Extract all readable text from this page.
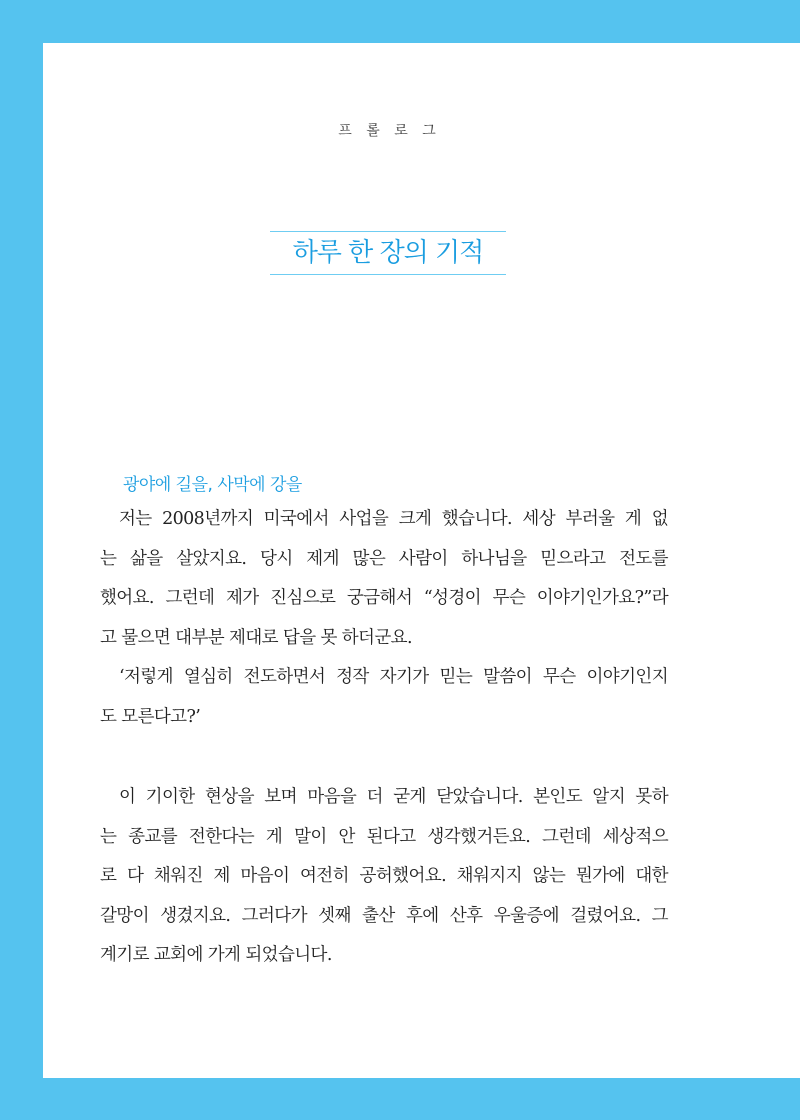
프 롤 로 그
하루 한 장의 기적
광야에 길을, 사막에 강을
저는 2008년까지 미국에서 사업을 크게 했습니다. 세상 부러울 게 없
는 삶을 살았지요. 당시 제게 많은 사람이 하나님을 믿으라고 전도를
했어요. 그런데 제가 진심으로 궁금해서 “성경이 무슨 이야기인가요?”라
고 물으면 대부분 제대로 답을 못 하더군요.
‘저렇게 열심히 전도하면서 정작 자기가 믿는 말씀이 무슨 이야기인지
도 모른다고?’
이 기이한 현상을 보며 마음을 더 굳게 닫았습니다. 본인도 알지 못하
는 종교를 전한다는 게 말이 안 된다고 생각했거든요. 그런데 세상적으
로 다 채워진 제 마음이 여전히 공허했어요. 채워지지 않는 뭔가에 대한
갈망이 생겼지요. 그러다가 셋째 출산 후에 산후 우울증에 걸렸어요. 그
계기로 교회에 가게 되었습니다.
